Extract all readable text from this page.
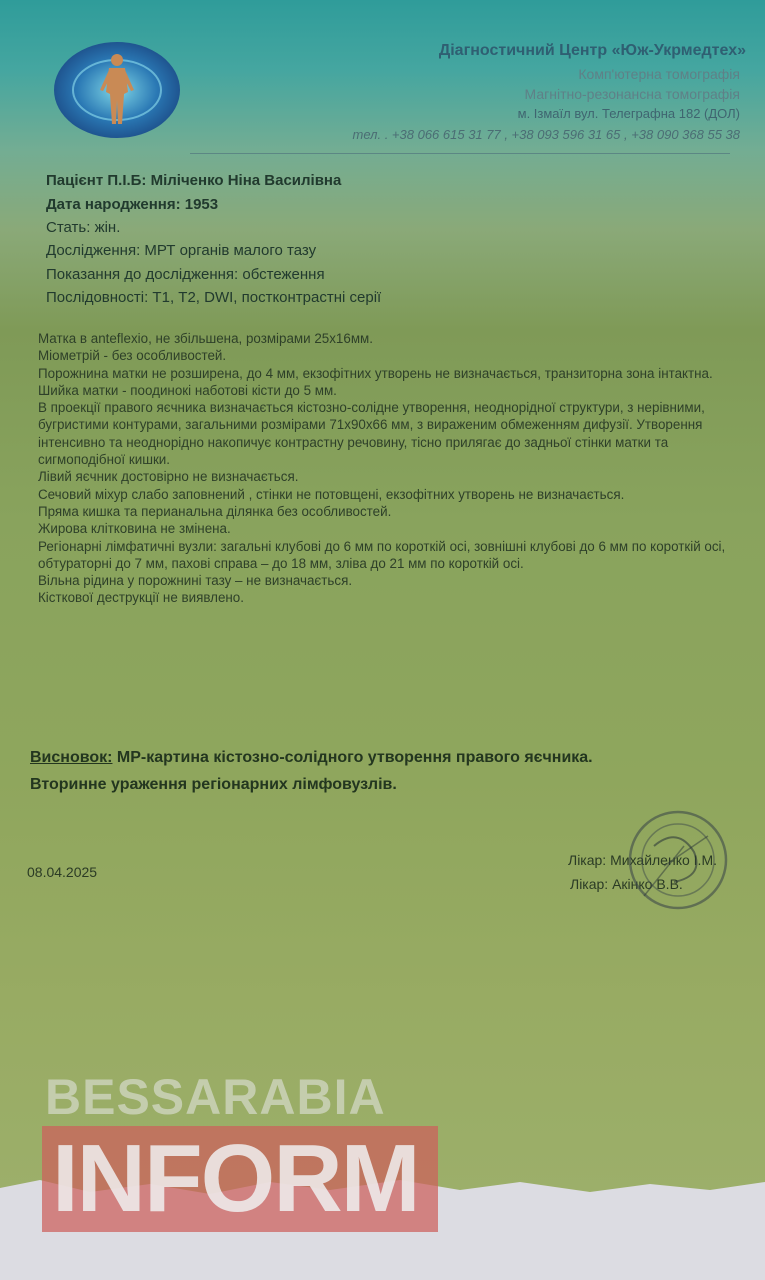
Діагностичний Центр «Юж-Укрмедтех»
Комп'ютерна томографія
Магнітно-резонансна томографія
м. Ізмаїл вул. Телеграфна 182 (ДОЛ)
тел. . +38 066 615 31 77 , +38 093 596 31 65 , +38 090 368 55 38
Пацієнт П.І.Б: Міліченко Ніна Василівна
Дата народження: 1953
Стать: жін.
Дослідження: МРТ органів малого тазу
Показання до дослідження: обстеження
Послідовності: Т1, Т2, DWI, постконтрастні серії

Матка в anteflexio, не збільшена, розмірами 25х16мм.

Міометрій - без особливостей.

Порожнина матки не розширена, до 4 мм, екзофітних утворень не визначається, транзиторна зона інтактна.

Шийка матки - поодинокі наботові кісти до 5 мм.

В проекції правого яєчника визначається кістозно-солідне утворення, неоднорідної структури, з нерівними, бугристими контурами, загальними розмірами 71х90х66 мм, з вираженим обмеженням дифузії. Утворення інтенсивно та неоднорідно накопичує контрастну речовину, тісно прилягає до задньої стінки матки та сигмоподібної кишки.

Лівий яєчник достовірно не визначається.

Сечовий міхур слабо заповнений , стінки не потовщені, екзофітних утворень не визначається.

Пряма кишка та перианальна ділянка без особливостей.

Жирова клітковина не змінена.

Регіонарні лімфатичні вузли: загальні клубові до 6 мм по короткій осі, зовнішні клубові до 6 мм по короткій осі, обтураторні до 7 мм, пахові справа – до 18 мм, зліва до 21 мм по короткій осі.

Вільна рідина у порожнині тазу – не визначається.

Кісткової деструкції не виявлено.

Висновок: МР-картина кістозно-солідного утворення правого яєчника.
Вторинне ураження регіонарних лімфовузлів.
08.04.2025
Лікар: Михайленко І.М.
Лікар: Акінко В.В.
BESSARABIA
INFORM
